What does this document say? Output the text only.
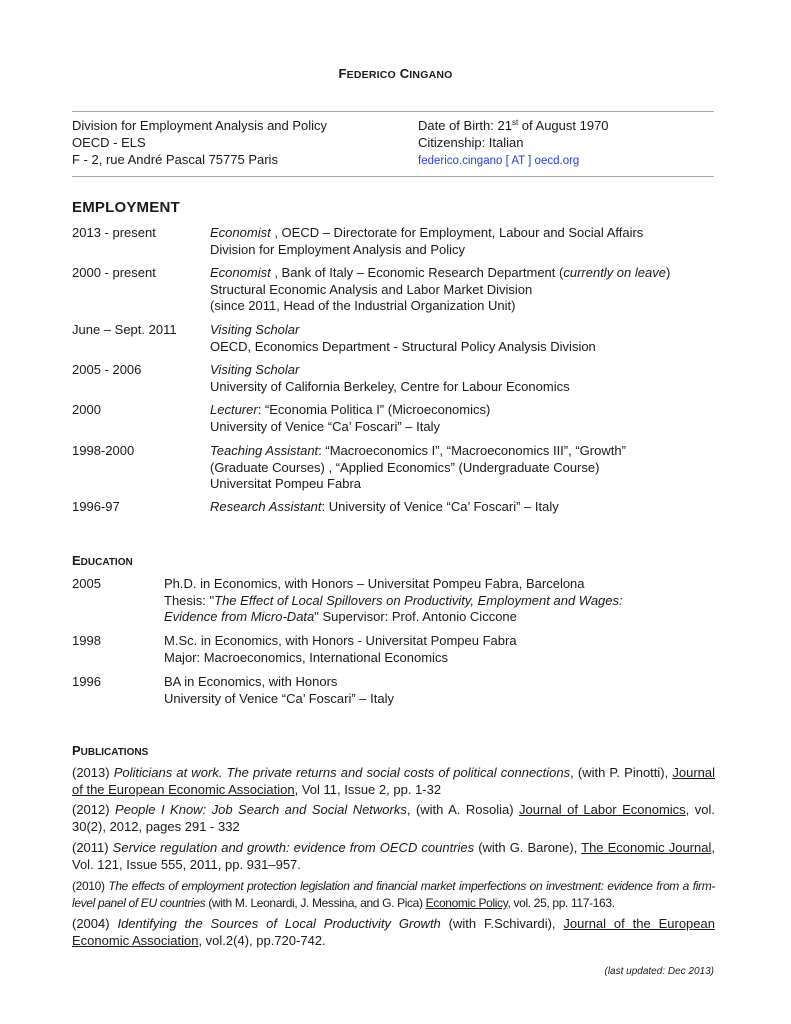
FEDERICO CINGANO
Division for Employment Analysis and Policy
OECD - ELS
F - 2, rue André Pascal 75775 Paris
Date of Birth: 21st of August 1970
Citizenship: Italian
federico.cingano [ AT ] oecd.org
EMPLOYMENT
2013 - present	Economist , OECD – Directorate for Employment, Labour and Social Affairs
Division for Employment Analysis and Policy
2000 - present	Economist , Bank of Italy – Economic Research Department (currently on leave)
Structural Economic Analysis and Labor Market Division
(since 2011, Head of the Industrial Organization Unit)
June – Sept. 2011	Visiting Scholar
OECD, Economics Department - Structural Policy Analysis Division
2005 - 2006	Visiting Scholar
University of California Berkeley, Centre for Labour Economics
2000	Lecturer: “Economia Politica I” (Microeconomics)
University of Venice “Ca’ Foscari” – Italy
1998-2000	Teaching Assistant: “Macroeconomics I”, “Macroeconomics III”, “Growth”
(Graduate Courses) , “Applied Economics” (Undergraduate Course)
Universitat Pompeu Fabra
1996-97	Research Assistant: University of Venice “Ca’ Foscari” – Italy
EDUCATION
2005	Ph.D. in Economics, with Honors – Universitat Pompeu Fabra, Barcelona
Thesis: "The Effect of Local Spillovers on Productivity, Employment and Wages:
Evidence from Micro-Data" Supervisor: Prof. Antonio Ciccone
1998	M.Sc. in Economics, with Honors - Universitat Pompeu Fabra
Major: Macroeconomics, International Economics
1996	BA in Economics, with Honors
University of Venice “Ca’ Foscari” – Italy
PUBLICATIONS
(2013) Politicians at work. The private returns and social costs of political connections, (with P. Pinotti), Journal of the European Economic Association, Vol 11, Issue 2, pp. 1-32
(2012) People I Know: Job Search and Social Networks, (with A. Rosolia) Journal of Labor Economics, vol. 30(2), 2012, pages 291 - 332
(2011) Service regulation and growth: evidence from OECD countries (with G. Barone), The Economic Journal, Vol. 121, Issue 555, 2011, pp. 931–957.
(2010) The effects of employment protection legislation and financial market imperfections on investment: evidence from a firm-level panel of EU countries (with M. Leonardi, J. Messina, and G. Pica) Economic Policy, vol. 25, pp. 117-163.
(2004) Identifying the Sources of Local Productivity Growth (with F.Schivardi), Journal of the European Economic Association, vol.2(4), pp.720-742.
(last updated: Dec 2013)
